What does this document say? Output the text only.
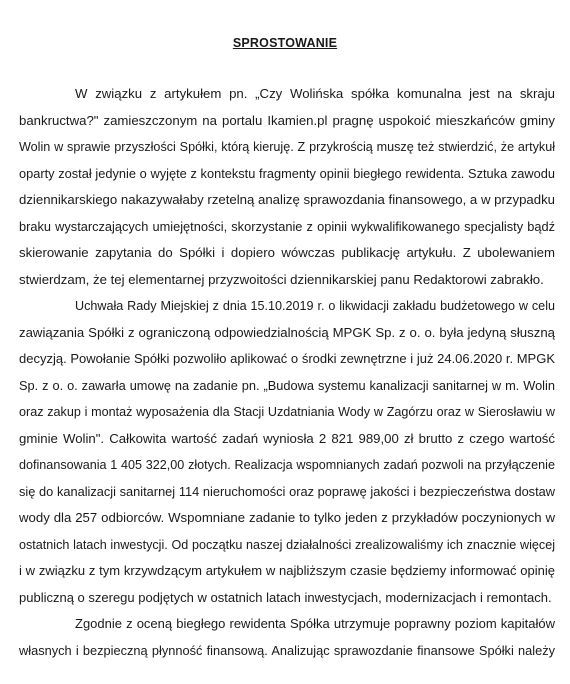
SPROSTOWANIE
W związku z artykułem pn. „Czy Wolińska spółka komunalna jest na skraju
bankructwa?" zamieszczonym na portalu Ikamien.pl pragnę uspokoić mieszkańców gminy
Wolin w sprawie przyszłości Spółki, którą kieruję. Z przykrością muszę też stwierdzić, że artykuł
oparty został jedynie o wyjęte z kontekstu fragmenty opinii biegłego rewidenta. Sztuka zawodu
dziennikarskiego nakazywałaby rzetelną analizę sprawozdania finansowego, a w przypadku
braku wystarczających umiejętności, skorzystanie z opinii wykwalifikowanego specjalisty bądź
skierowanie zapytania do Spółki i dopiero wówczas publikację artykułu. Z ubolewaniem
stwierdzam, że tej elementarnej przyzwoitości dziennikarskiej panu Redaktorowi zabrakło.
Uchwała Rady Miejskiej z dnia 15.10.2019 r. o likwidacji zakładu budżetowego w celu
zawiązania Spółki z ograniczoną odpowiedzialnością MPGK Sp. z o. o. była jedyną słuszną
decyzją. Powołanie Spółki pozwoliło aplikować o środki zewnętrzne i już 24.06.2020 r. MPGK
Sp. z o. o. zawarła umowę na zadanie pn. „Budowa systemu kanalizacji sanitarnej w m. Wolin
oraz zakup i montaż wyposażenia dla Stacji Uzdatniania Wody w Zagórzu oraz w Sierosławiu w
gminie Wolin". Całkowita wartość zadań wyniosła 2 821 989,00 zł brutto z czego wartość
dofinansowania 1 405 322,00 złotych. Realizacja wspomnianych zadań pozwoli na przyłączenie
się do kanalizacji sanitarnej 114 nieruchomości oraz poprawę jakości i bezpieczeństwa dostaw
wody dla 257 odbiorców. Wspomniane zadanie to tylko jeden z przykładów poczynionych w
ostatnich latach inwestycji. Od początku naszej działalności zrealizowaliśmy ich znacznie więcej
i w związku z tym krzywdzącym artykułem w najbliższym czasie będziemy informować opinię
publiczną o szeregu podjętych w ostatnich latach inwestycjach, modernizacjach i remontach.
Zgodnie z oceną biegłego rewidenta Spółka utrzymuje poprawny poziom kapitałów
własnych i bezpieczną płynność finansową. Analizując sprawozdanie finansowe Spółki należy
